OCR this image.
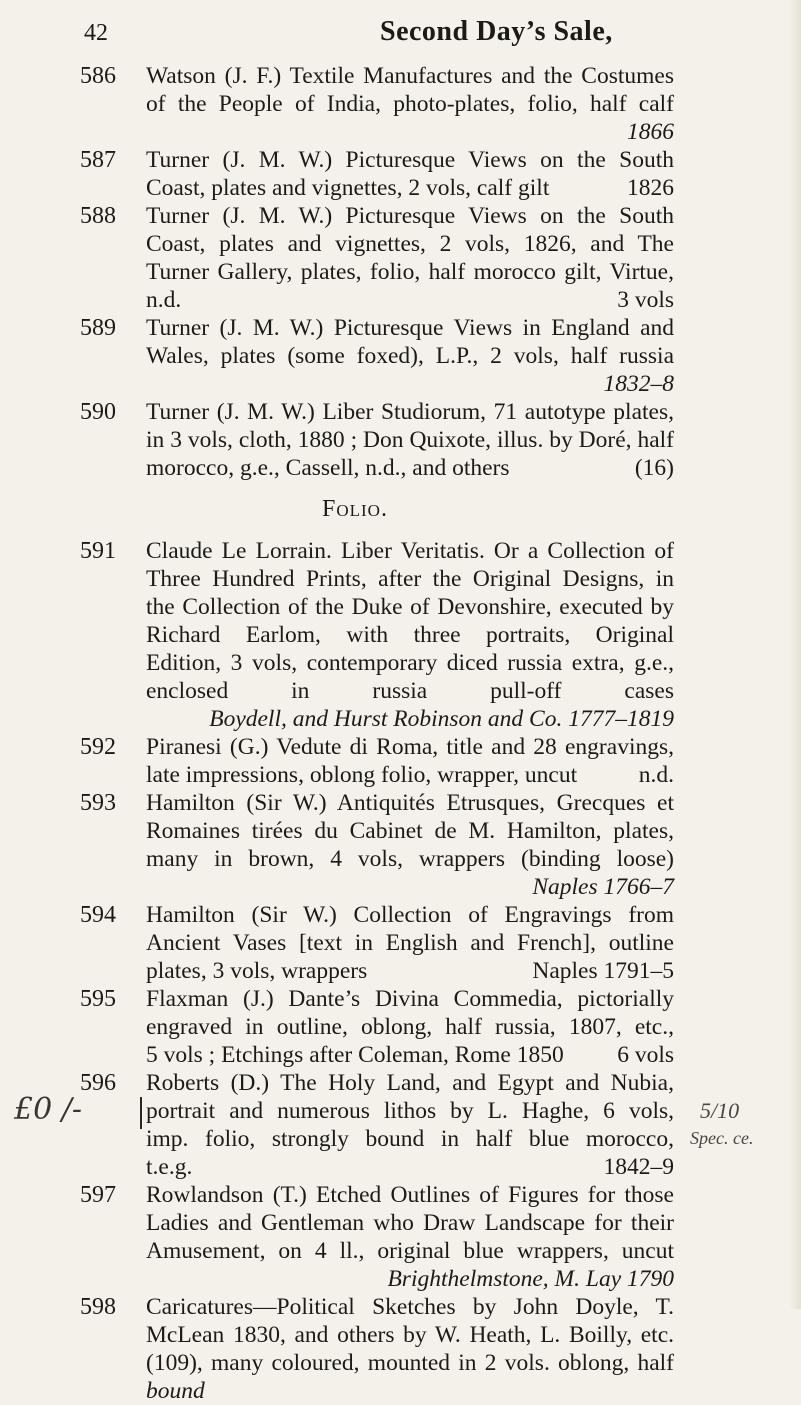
42	Second Day’s Sale,
586 Watson (J. F.) Textile Manufactures and the Costumes
of the People of India, photo-plates, folio, half calf
1866
587 Turner (J. M. W.) Picturesque Views on the South
Coast, plates and vignettes, 2 vols, calf gilt	1826
588 Turner (J. M. W.) Picturesque Views on the South
Coast, plates and vignettes, 2 vols, 1826, and The
Turner Gallery, plates, folio, half morocco gilt, Virtue,
n.d.	3 vols
589 Turner (J. M. W.) Picturesque Views in England and
Wales, plates (some foxed), L.P., 2 vols, half russia
1832–8
590 Turner (J. M. W.) Liber Studiorum, 71 autotype plates,
in 3 vols, cloth, 1880 ; Don Quixote, illus. by Doré, half
morocco, g.e., Cassell, n.d., and others	(16)
Folio.
591 Claude Le Lorrain. Liber Veritatis. Or a Collection of
Three Hundred Prints, after the Original Designs, in
the Collection of the Duke of Devonshire, executed by
Richard Earlom, with three portraits, Original
Edition, 3 vols, contemporary diced russia extra, g.e.,
enclosed in russia pull-off cases
Boydell, and Hurst Robinson and Co. 1777–1819
592 Piranesi (G.) Vedute di Roma, title and 28 engravings,
late impressions, oblong folio, wrapper, uncut	n.d.
593 Hamilton (Sir W.) Antiquités Etrusques, Grecques et
Romaines tirées du Cabinet de M. Hamilton, plates,
many in brown, 4 vols, wrappers (binding loose)
Naples 1766–7
594 Hamilton (Sir W.) Collection of Engravings from
Ancient Vases [text in English and French], outline
plates, 3 vols, wrappers	Naples 1791–5
595 Flaxman (J.) Dante’s Divina Commedia, pictorially
engraved in outline, oblong, half russia, 1807, etc.,
5 vols ; Etchings after Coleman, Rome 1850 6 vols
596 Roberts (D.) The Holy Land, and Egypt and Nubia,
portrait and numerous lithos by L. Haghe, 6 vols,
imp. folio, strongly bound in half blue morocco,
t.e.g.	1842–9
597 Rowlandson (T.) Etched Outlines of Figures for those
Ladies and Gentleman who Draw Landscape for their
Amusement, on 4 ll., original blue wrappers, uncut
Brighthelmstone, M. Lay 1790
598 Caricatures—Political Sketches by John Doyle, T.
McLean 1830, and others by W. Heath, L. Boilly, etc.
(109), many coloured, mounted in 2 vols. oblong, half
bound
£0 /-	5/10
Spec. ce.
